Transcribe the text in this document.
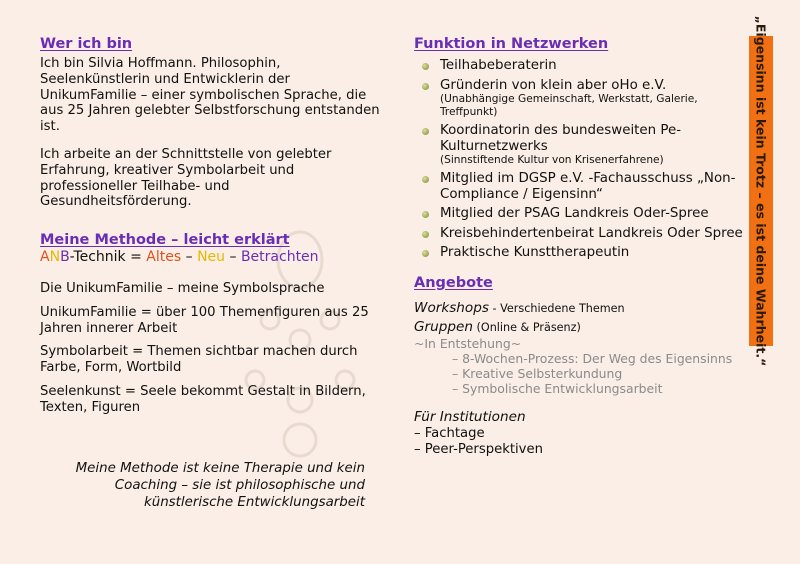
Wer ich bin

Ich bin Silvia Hoffmann. Philosophin, Seelenkünstlerin und Entwicklerin der UnikumFamilie – einer symbolischen Sprache, die aus 25 Jahren gelebter Selbstforschung entstanden ist.

Ich arbeite an der Schnittstelle von gelebter Erfahrung, kreativer Symbolarbeit und professioneller Teilhabe- und Gesundheitsförderung.

Meine Methode – leicht erklärt

ANB-Technik = Altes – Neu – Betrachten

Die UnikumFamilie – meine Symbolsprache

UnikumFamilie = über 100 Themenfiguren aus 25 Jahren innerer Arbeit

Symbolarbeit = Themen sichtbar machen durch Farbe, Form, Wortbild

Seelenkunst = Seele bekommt Gestalt in Bildern, Texten, Figuren

Meine Methode ist keine Therapie und kein Coaching – sie ist philosophische und künstlerische Entwicklungsarbeit
Funktion in Netzwerken
Teilhabeberaterin
Gründerin von klein aber oHo e.V.
(Unabhängige Gemeinschaft, Werkstatt, Galerie, Treffpunkt)
Koordinatorin des bundesweiten Pe-Kulturnetzwerks
(Sinnstiftende Kultur von Krisenerfahrene)
Mitglied im DGSP e.V. -Fachausschuss „Non-Compliance / Eigensinn“
Mitglied der PSAG Landkreis Oder-Spree
Kreisbehindertenbeirat Landkreis Oder Spree
Praktische Kunsttherapeutin
Angebote

Workshops - Verschiedene Themen

Gruppen (Online & Präsenz)

~In Entstehung~

– 8-Wochen-Prozess: Der Weg des Eigensinns

– Kreative Selbsterkundung

– Symbolische Entwicklungsarbeit

Für Institutionen

– Fachtage

– Peer-Perspektiven

„Eigensinn ist kein Trotz – es ist deine Wahrheit.“
